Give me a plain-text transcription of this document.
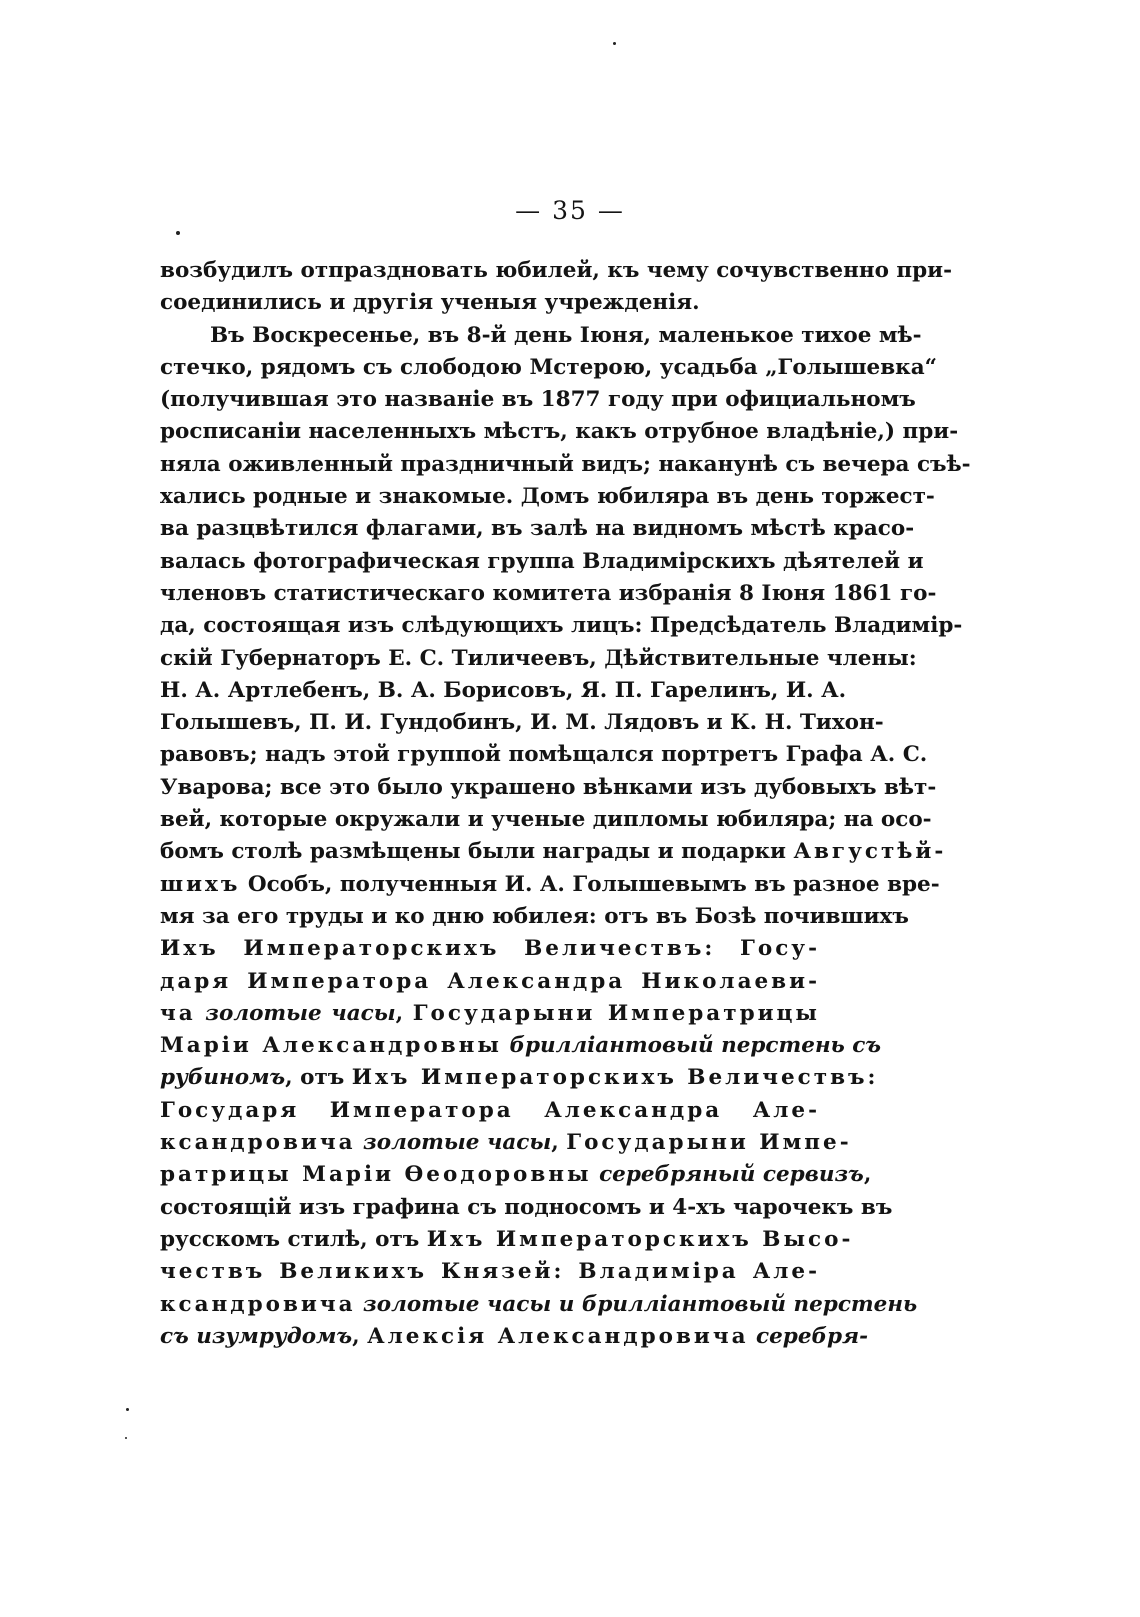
— 35 —
возбудилъ отпраздновать юбилей, къ чему сочувственно при-
соединились и другія ученыя учрежденія.
Въ Воскресенье, въ 8-й день Іюня, маленькое тихое мѣ-
стечко, рядомъ съ слободою Мстерою, усадьба „Голышевка“
(получившая это названіе въ 1877 году при официальномъ
росписаніи населенныхъ мѣстъ, какъ отрубное владѣніе,) при-
няла оживленный праздничный видъ; наканунѣ съ вечера съѣ-
хались родные и знакомые. Домъ юбиляра въ день торжест-
ва разцвѣтился флагами, въ залѣ на видномъ мѣстѣ красо-
валась фотографическая группа Владимірскихъ дѣятелей и
членовъ статистическаго комитета избранія 8 Іюня 1861 го-
да, состоящая изъ слѣдующихъ лицъ: Предсѣдатель Владимір-
скій Губернаторъ Е. С. Тиличеевъ, Дѣйствительные члены:
Н. А. Артлебенъ, В. А. Борисовъ, Я. П. Гарелинъ, И. А.
Голышевъ, П. И. Гундобинъ, И. М. Лядовъ и К. Н. Тихон-
равовъ; надъ этой группой помѣщался портретъ Графа А. С.
Уварова; все это было украшено вѣнками изъ дубовыхъ вѣт-
вей, которые окружали и ученые дипломы юбиляра; на осо-
бомъ столѣ размѣщены были награды и подарки Августѣй-
шихъ Особъ, полученныя И. А. Голышевымъ въ разное вре-
мя за его труды и ко дню юбилея: отъ въ Бозѣ почившихъ
Ихъ Императорскихъ Величествъ: Госу-
даря Императора Александра Николаеви-
ча золотые часы, Государыни Императрицы
Маріи Александровны брилліантовый перстень съ
рубиномъ, отъ Ихъ Императорскихъ Величествъ:
Государя Императора Александра Але-
ксандровича золотые часы, Государыни Импе-
ратрицы Маріи Ѳеодоровны серебряный сервизъ,
состоящій изъ графина съ подносомъ и 4-хъ чарочекъ въ
русскомъ стилѣ, отъ Ихъ Императорскихъ Высо-
чествъ Великихъ Князей: Владиміра Але-
ксандровича золотые часы и брилліантовый перстень
съ изумрудомъ, Алексія Александровича серебря-
